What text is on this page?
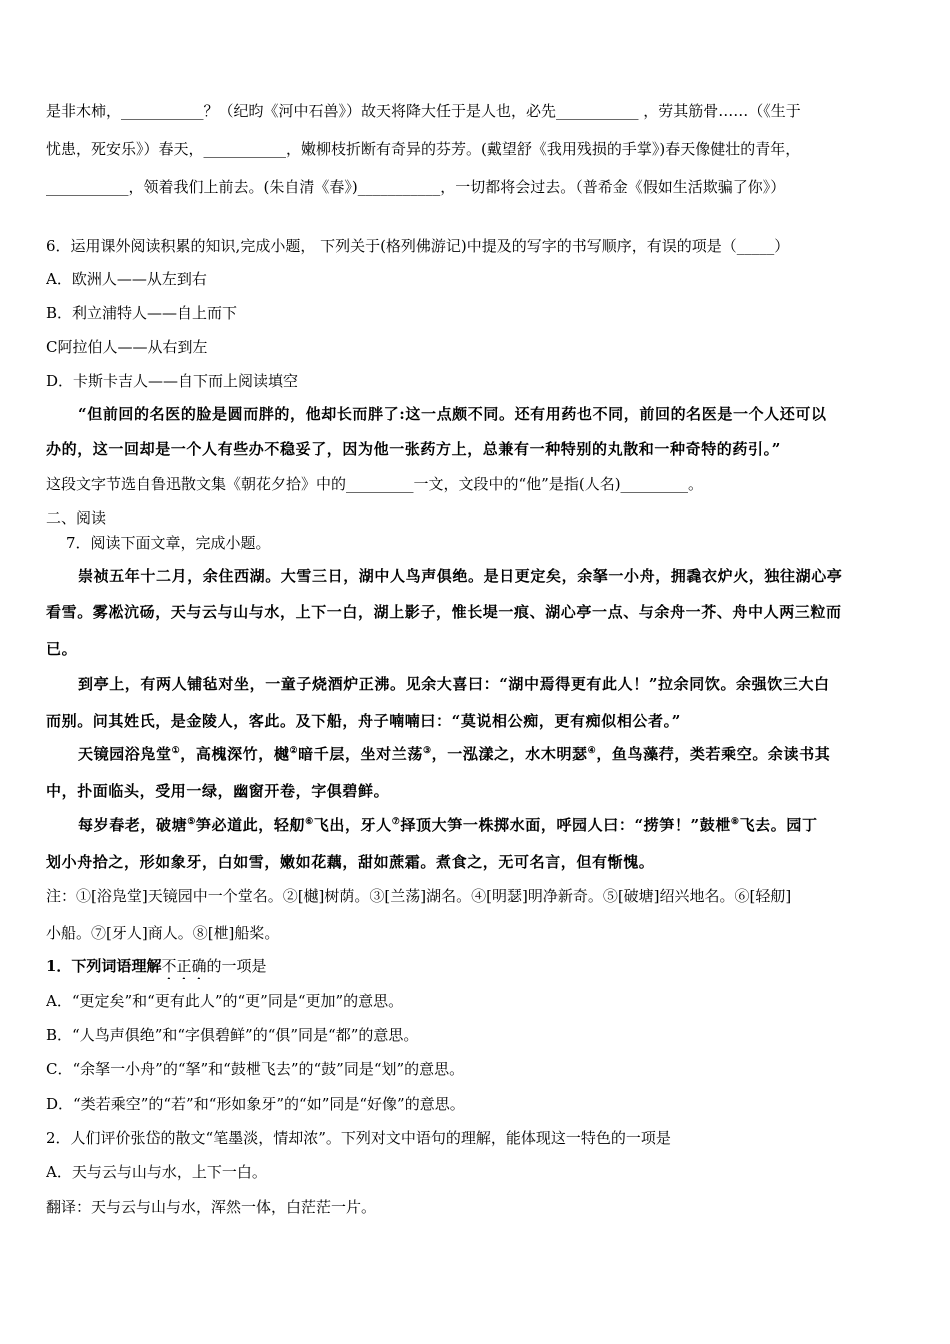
是非木柿，___________？（纪昀《河中石兽》）故天将降大任于是人也，必先___________ ，劳其筋骨……（《生于
忧患，死安乐》）春天，___________，嫩柳枝折断有奇异的芬芳。(戴望舒《我用残损的手掌》)春天像健壮的青年，
___________，领着我们上前去。(朱自清《春》)___________，一切都将会过去。（普希金《假如生活欺骗了你》）
6．运用课外阅读积累的知识,完成小题， 下列关于(格列佛游记)中提及的写字的书写顺序，有误的项是（_____）
A．欧洲人——从左到右
B．利立浦特人——自上而下
C阿拉伯人——从右到左
D．卡斯卡吉人——自下而上阅读填空
“但前回的名医的脸是圆而胖的，他却长而胖了:这一点颇不同。还有用药也不同，前回的名医是一个人还可以
办的，这一回却是一个人有些办不稳妥了，因为他一张药方上，总兼有一种特别的丸散和一种奇特的药引。”
这段文字节选自鲁迅散文集《朝花夕拾》中的_________一文，文段中的“他”是指(人名)_________。
二、阅读
7．阅读下面文章，完成小题。
崇祯五年十二月，余住西湖。大雪三日，湖中人鸟声俱绝。是日更定矣，余拏一小舟，拥毳衣炉火，独往湖心亭
看雪。雾凇沆砀，天与云与山与水，上下一白，湖上影子，惟长堤一痕、湖心亭一点、与余舟一芥、舟中人两三粒而
已。
到亭上，有两人铺毡对坐，一童子烧酒炉正沸。见余大喜曰：“湖中焉得更有此人！”拉余同饮。余强饮三大白
而别。问其姓氏，是金陵人，客此。及下船，舟子喃喃曰：“莫说相公痴，更有痴似相公者。”
天镜园浴凫堂①，高槐深竹，樾②暗千层，坐对兰荡③，一泓漾之，水木明瑟④，鱼鸟藻荇，类若乘空。余读书其
中，扑面临头，受用一绿，幽窗开卷，字俱碧鲜。
每岁春老，破塘⑤笋必道此，轻舠⑥飞出，牙人⑦择顶大笋一株掷水面，呼园人曰：“捞笋！”鼓枻⑧飞去。园丁
划小舟拾之，形如象牙，白如雪，嫩如花藕，甜如蔗霜。煮食之，无可名言，但有惭愧。
注：①[浴凫堂]天镜园中一个堂名。②[樾]树荫。③[兰荡]湖名。④[明瑟]明净新奇。⑤[破塘]绍兴地名。⑥[轻舠]
小船。⑦[牙人]商人。⑧[枻]船桨。
1．下列词语理解不正确的一项是
A．“更定矣”和“更有此人”的“更”同是“更加”的意思。
B．“人鸟声俱绝”和“字俱碧鲜”的“俱”同是“都”的意思。
C．“余拏一小舟”的“拏”和“鼓枻飞去”的“鼓”同是“划”的意思。
D．“类若乘空”的“若”和“形如象牙”的“如”同是“好像”的意思。
2．人们评价张岱的散文“笔墨淡，情却浓”。下列对文中语句的理解，能体现这一特色的一项是
A．天与云与山与水，上下一白。
翻译：天与云与山与水，浑然一体，白茫茫一片。
